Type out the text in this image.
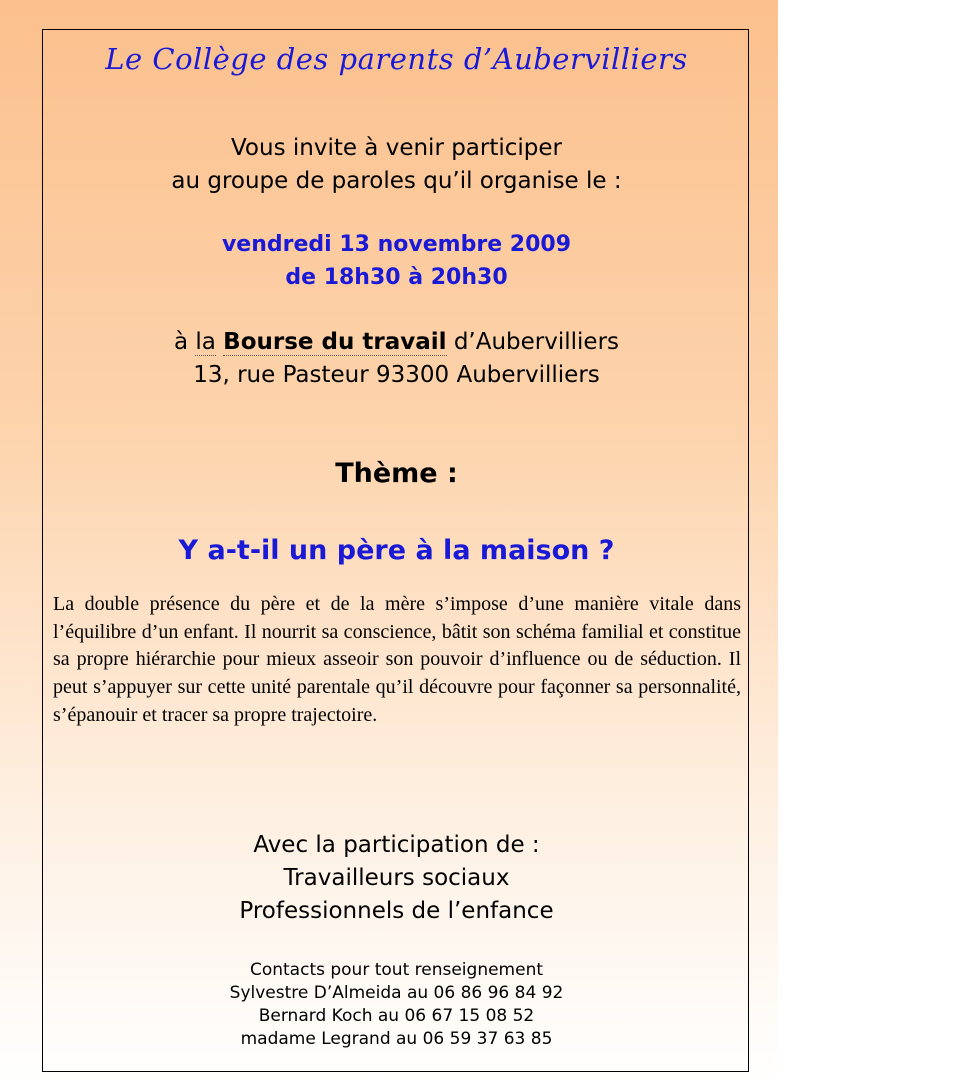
Le Collège des parents d’Aubervilliers
Vous invite à venir participer
au groupe de paroles qu’il organise le :
vendredi 13 novembre 2009
de 18h30 à 20h30
à la Bourse du travail d’Aubervilliers
13, rue Pasteur 93300 Aubervilliers
Thème :
Y a-t-il un père à la maison ?
La double présence du père et de la mère s’impose d’une manière vitale dans l’équilibre d’un enfant. Il nourrit sa conscience, bâtit son schéma familial et constitue sa propre hiérarchie pour mieux asseoir son pouvoir d’influence ou de séduction. Il peut s’appuyer sur cette unité parentale qu’il découvre pour façonner sa personnalité, s’épanouir et tracer sa propre trajectoire.
Avec la participation de :
Travailleurs sociaux
Professionnels de l’enfance
Contacts pour tout renseignement
Sylvestre D’Almeida au 06 86 96 84 92
Bernard Koch au 06 67 15 08 52
madame Legrand au 06 59 37 63 85
